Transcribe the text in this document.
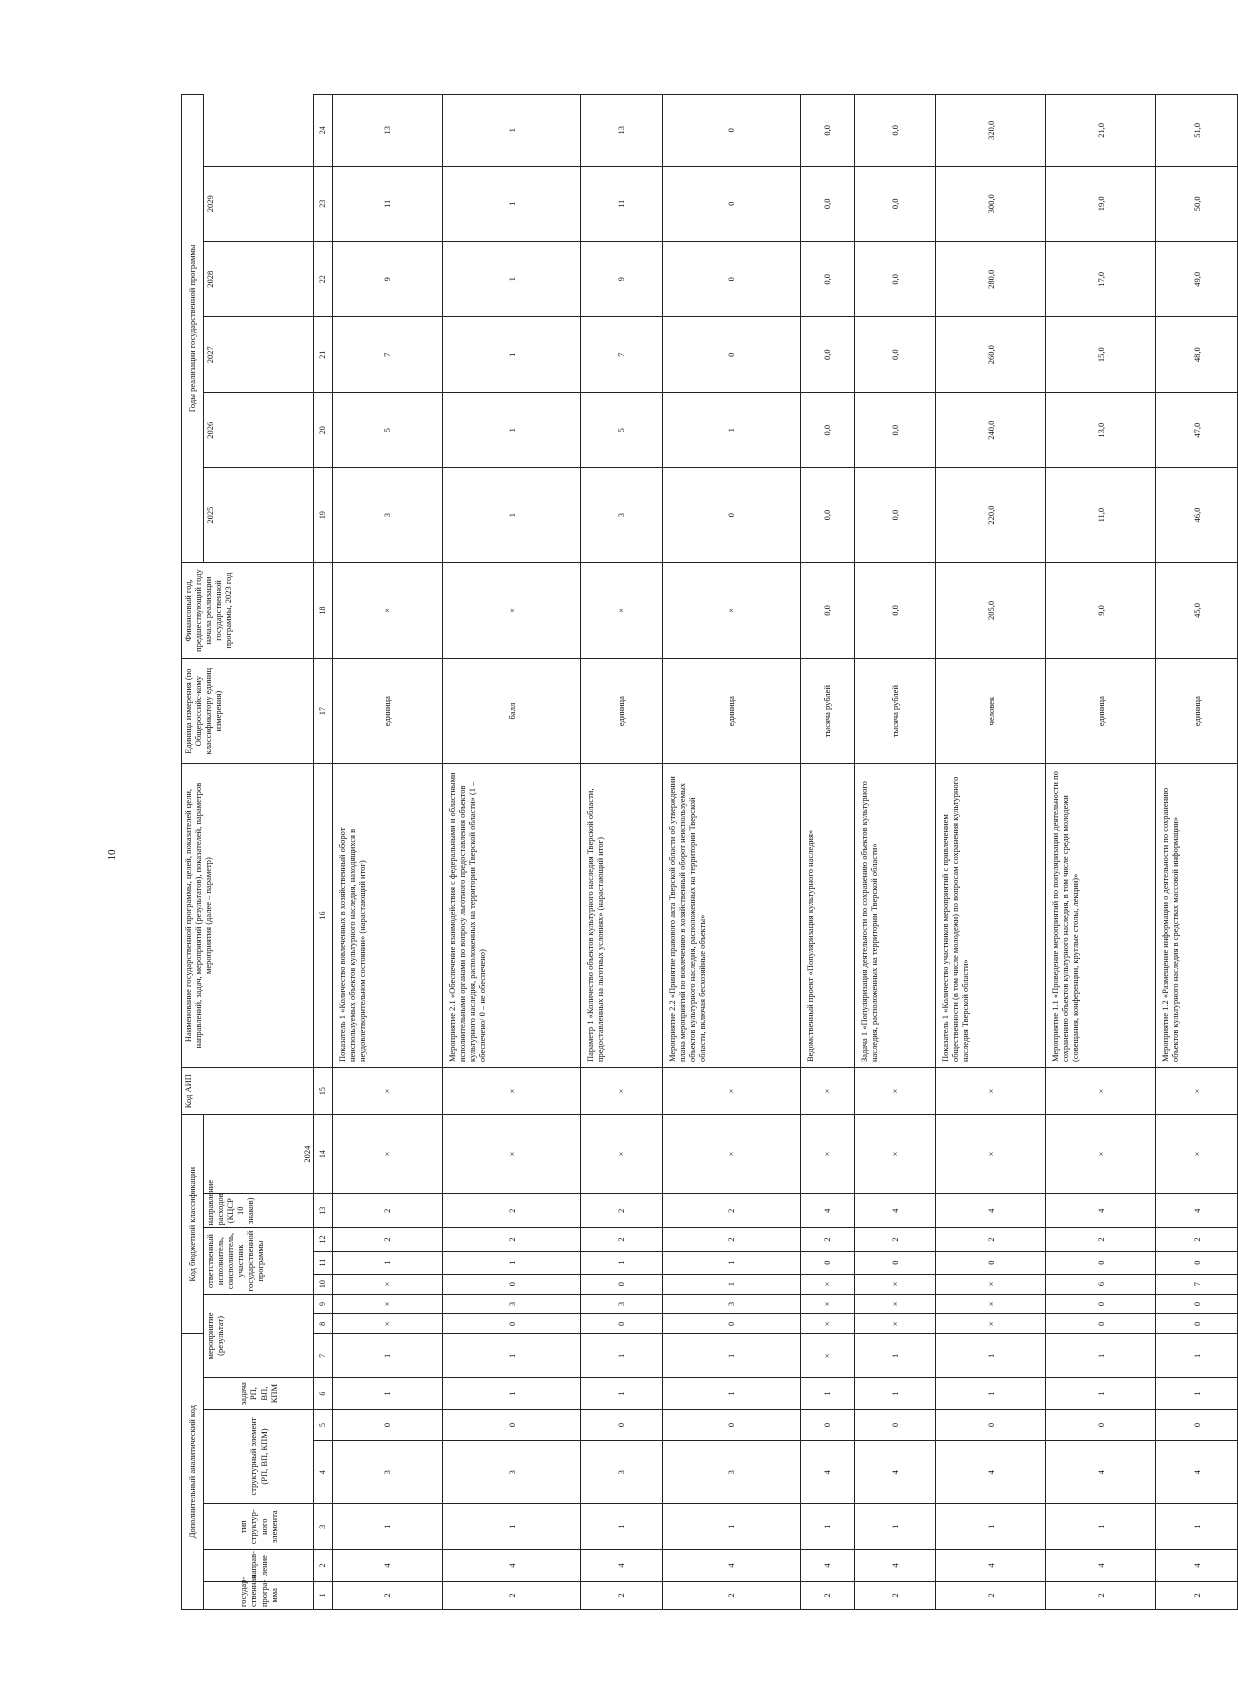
10
Дополнительный аналитический код							Код бюджетной классификации							Код АИП	Наименование государственной программы, целей, показателей цели, направлений, задач, мероприятий (результатов), показателей, параметров мероприятия (далее – параметр)	Единица измерения (по Общероссийс-кому классификатору единиц измерения)	Финансовый год, предшествующий году начала реализации государственной программы, 2023 год	Годы реализации государственной программы					
государ-ственная програ-мма	направ-ление	тип структур-ного элемента	структурный элемент (РП, ВП, КПМ)		задача РП, ВП, КПМ	мероприятие (результат)			ответственный исполнитель, соисполнитель, участник государственной программы			направление расходов (КЦСР 10 знаков)	2024					2025	2026	2027	2028	2029	

1	2	3	4	5	6	7	8	9	10	11	12	13	14	15	16	17	18	19	20	21	22	23	24
2	4	1	3	0	1	1	×	×	×	1	2	2	×	×	Показатель 1 «Количество вовлеченных в хозяйственный оборот неиспользуемых объектов культурного наследия, находящихся в неудовлетворительном состоянии» (нарастающий итог)	единица	×	3	5	7	9	11	13
2	4	1	3	0	1	1	0	3	0	1	2	2	×	×	Мероприятие 2.1 «Обеспечение взаимодействия с федеральными и областными исполнительными органами по вопросу льготного предоставления объектов культурного наследия, расположенных на территории Тверской области» (1 – обеспечено/ 0 – не обеспечено)	балл	×	1	1	1	1	1	1
2	4	1	3	0	1	1	0	3	0	1	2	2	×	×	Параметр 1 «Количество объектов культурного наследия Тверской области, предоставленных на льготных условиях» (нарастающий итог)	единица	×	3	5	7	9	11	13
2	4	1	3	0	1	1	0	3	1	1	2	2	×	×	Мероприятие 2.2 «Принятие правового акта Тверской области об утверждении плана мероприятий по вовлечению в хозяйственный оборот неиспользуемых объектов культурного наследия, расположенных на территории Тверской области, включая бесхозяйные объекты»	единица	×	0	1	0	0	0	0
2	4	1	4	0	1	×	×	×	×	0	2	4	×	×	Ведомственный проект «Популяризация культурного наследия»	тысяча рублей	0,0	0,0	0,0	0,0	0,0	0,0	0,0
2	4	1	4	0	1	1	×	×	×	0	2	4	×	×	Задача 1 «Популяризация деятельности по сохранению объектов культурного наследия, расположенных на территории Тверской области»	тысяча рублей	0,0	0,0	0,0	0,0	0,0	0,0	0,0
2	4	1	4	0	1	1	×	×	×	0	2	4	×	×	Показатель 1 «Количество участников мероприятий с привлечением общественности (в том числе молодежи) по вопросам сохранения культурного наследия Тверской области»	человек	205,0	220,0	240,0	260,0	280,0	300,0	320,0
2	4	1	4	0	1	1	0	0	6	0	2	4	×	×	Мероприятие 1.1 «Проведение мероприятий по популяризации деятельности по сохранению объектов культурного наследия, в том числе среди молодежи (совещания, конференции, круглые столы, лекции)»	единица	9,0	11,0	13,0	15,0	17,0	19,0	21,0
2	4	1	4	0	1	1	0	0	7	0	2	4	×	×	Мероприятие 1.2 «Размещение информации о деятельности по сохранению объектов культурного наследия в средствах массовой информации»	единица	45,0	46,0	47,0	48,0	49,0	50,0	51,0
